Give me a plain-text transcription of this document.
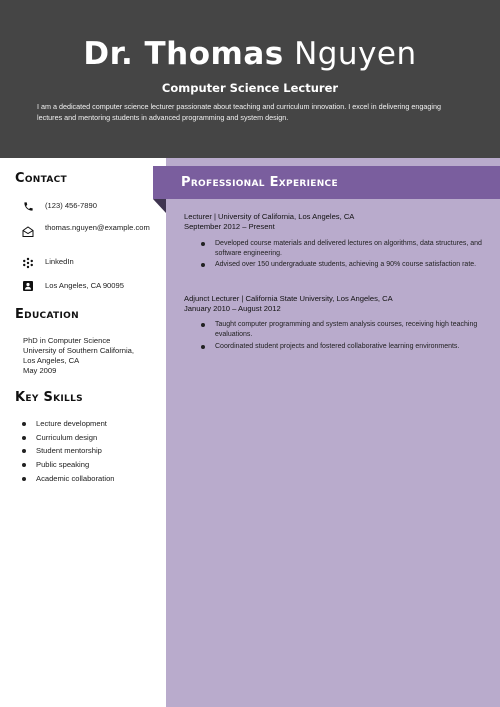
Dr. Thomas Nguyen
Computer Science Lecturer
I am a dedicated computer science lecturer passionate about teaching and curriculum innovation. I excel in delivering engaging lectures and mentoring students in advanced programming and system design.
Professional Experience
Contact
(123) 456-7890
thomas.nguyen@example.com
LinkedIn
Los Angeles, CA 90095
Education
PhD in Computer Science
University of Southern California,
Los Angeles, CA
May 2009
Key Skills
Lecture development
Curriculum design
Student mentorship
Public speaking
Academic collaboration
Lecturer | University of California, Los Angeles, CA
September 2012 – Present
Developed course materials and delivered lectures on algorithms, data structures, and software engineering.
Advised over 150 undergraduate students, achieving a 90% course satisfaction rate.
Adjunct Lecturer | California State University, Los Angeles, CA
January 2010 – August 2012
Taught computer programming and system analysis courses, receiving high teaching evaluations.
Coordinated student projects and fostered collaborative learning environments.
